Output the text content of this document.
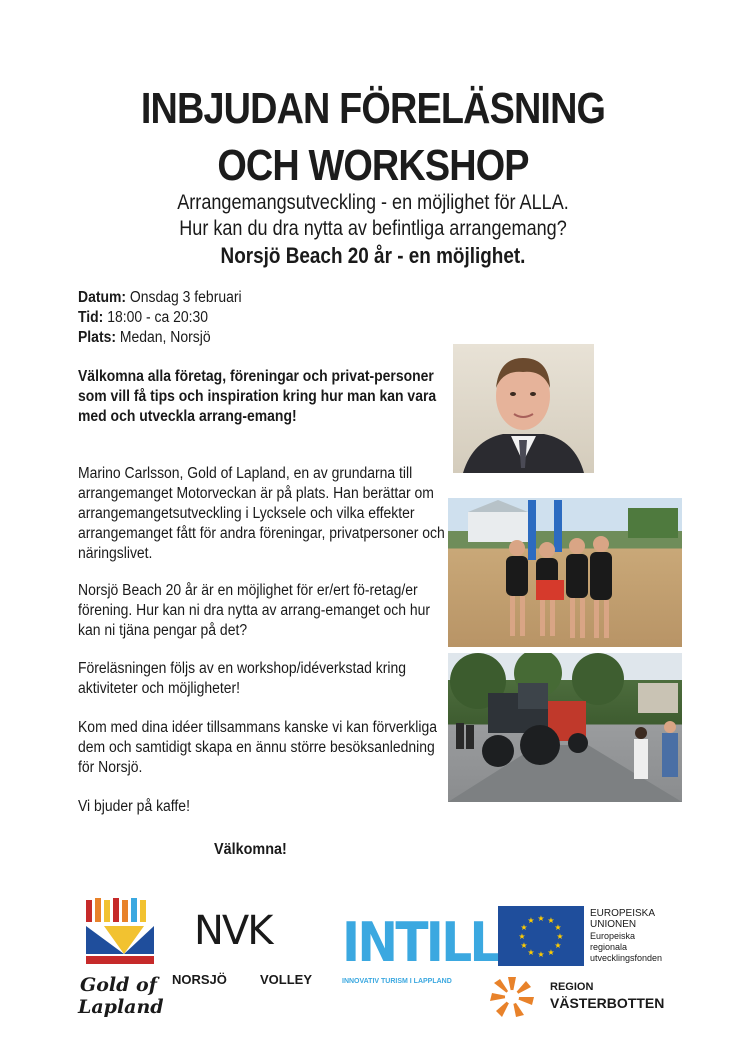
INBJUDAN FÖRELÄSNING
OCH WORKSHOP
Arrangemangsutveckling - en möjlighet för ALLA.
Hur kan du dra nytta av befintliga arrangemang?
Norsjö Beach 20 år - en möjlighet.
Datum: Onsdag 3 februari
Tid: 18:00 - ca 20:30
Plats: Medan, Norsjö
Välkomna alla företag, föreningar och privat-personer som vill få tips och inspiration kring hur man kan vara med och utveckla arrang-emang!
Marino Carlsson, Gold of Lapland, en av grundarna till arrangemanget Motorveckan är på plats. Han berättar om arrangemangetsutveckling i Lycksele och vilka effekter arrangemanget fått för andra föreningar, privatpersoner och näringslivet.
Norsjö Beach 20 år är en möjlighet för er/ert fö-retag/er förening. Hur kan ni dra nytta av arrang-emanget och hur kan ni tjäna pengar på det?
Föreläsningen följs av en workshop/idéverkstad kring aktiviteter och möjligheter!
Kom med dina idéer tillsammans kanske vi kan förverkliga dem och samtidigt skapa en ännu större besöksanledning för Norsjö.
Vi bjuder på kaffe!
Välkomna!
Gold of
Lapland
NVK
NORSJÖ	VOLLEY
INTILL
INNOVATIV TURISM I LAPPLAND
★ ★
★
★
★
★
★
★
★
★
★
★
EUROPEISKA
UNIONEN
Europeiska
regionala
utvecklingsfonden
REGION
VÄSTERBOTTEN
